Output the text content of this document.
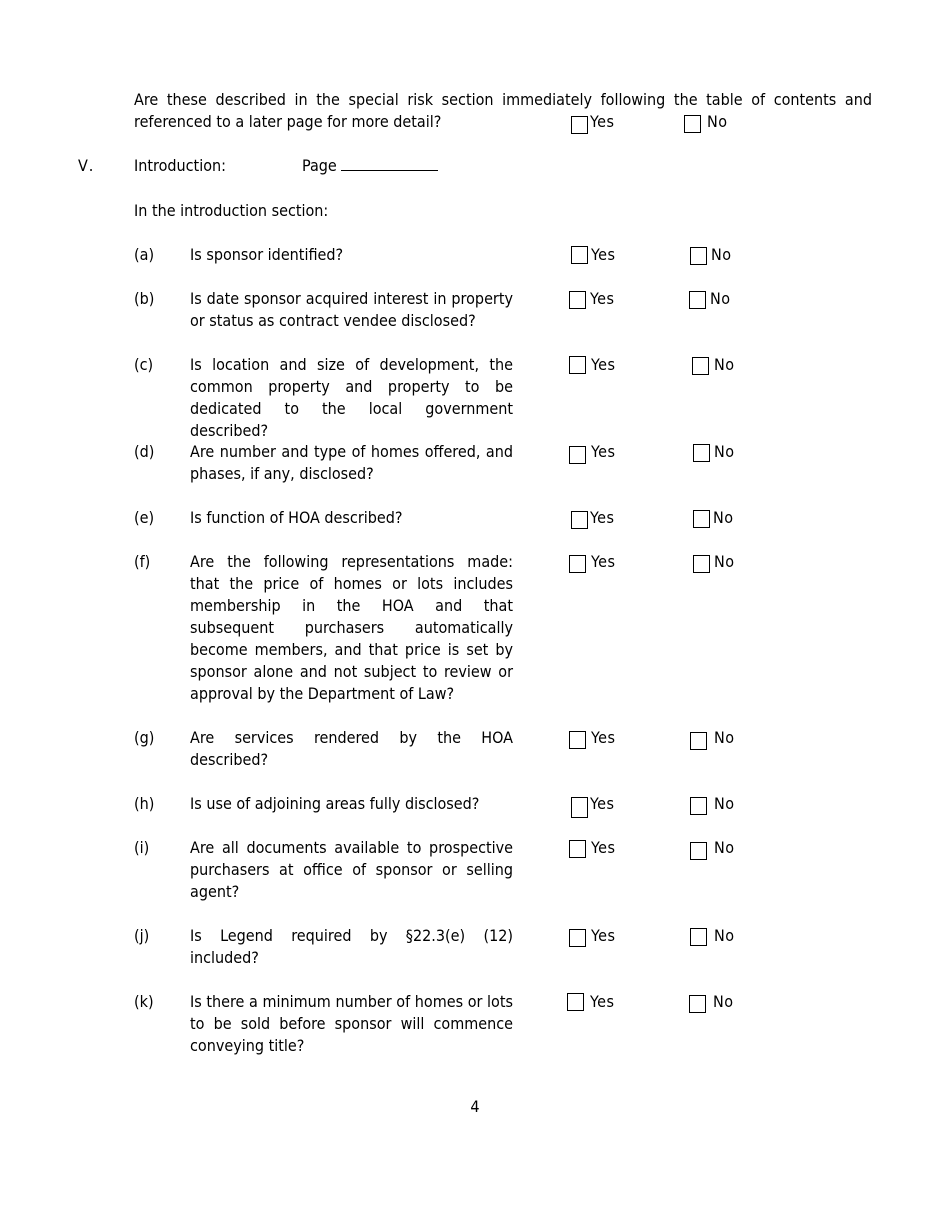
Are these described in the special risk section immediately following the table of contents and referenced to a later page for more detail?	Yes	No
V. Introduction:	Page
In the introduction section:
(a) Is sponsor identified?	Yes	No
(b) Is date sponsor acquired interest in property or status as contract vendee disclosed?
Yes	No
(c) Is location and size of development, the common property and property to be dedicated to the local government described?
Yes	No
(d) Are number and type of homes offered, and phases, if any, disclosed?
Yes	No
(e) Is function of HOA described?	Yes	No
(f) Are the following representations made: that the price of homes or lots includes membership in the HOA and that subsequent purchasers automatically become members, and that price is set by sponsor alone and not subject to review or approval by the Department of Law?
Yes	No
(g) Are services rendered by the HOA described?
Yes	No
(h) Is use of adjoining areas fully disclosed?	Yes	No
(i)	Are all documents available to prospective purchasers at office of sponsor or selling agent?
Yes	No
(j)	Is Legend required by §22.3(e) (12) included?
Yes	No
(k) Is there a minimum number of homes or lots to be sold before sponsor will commence conveying title?
Yes	No
4
